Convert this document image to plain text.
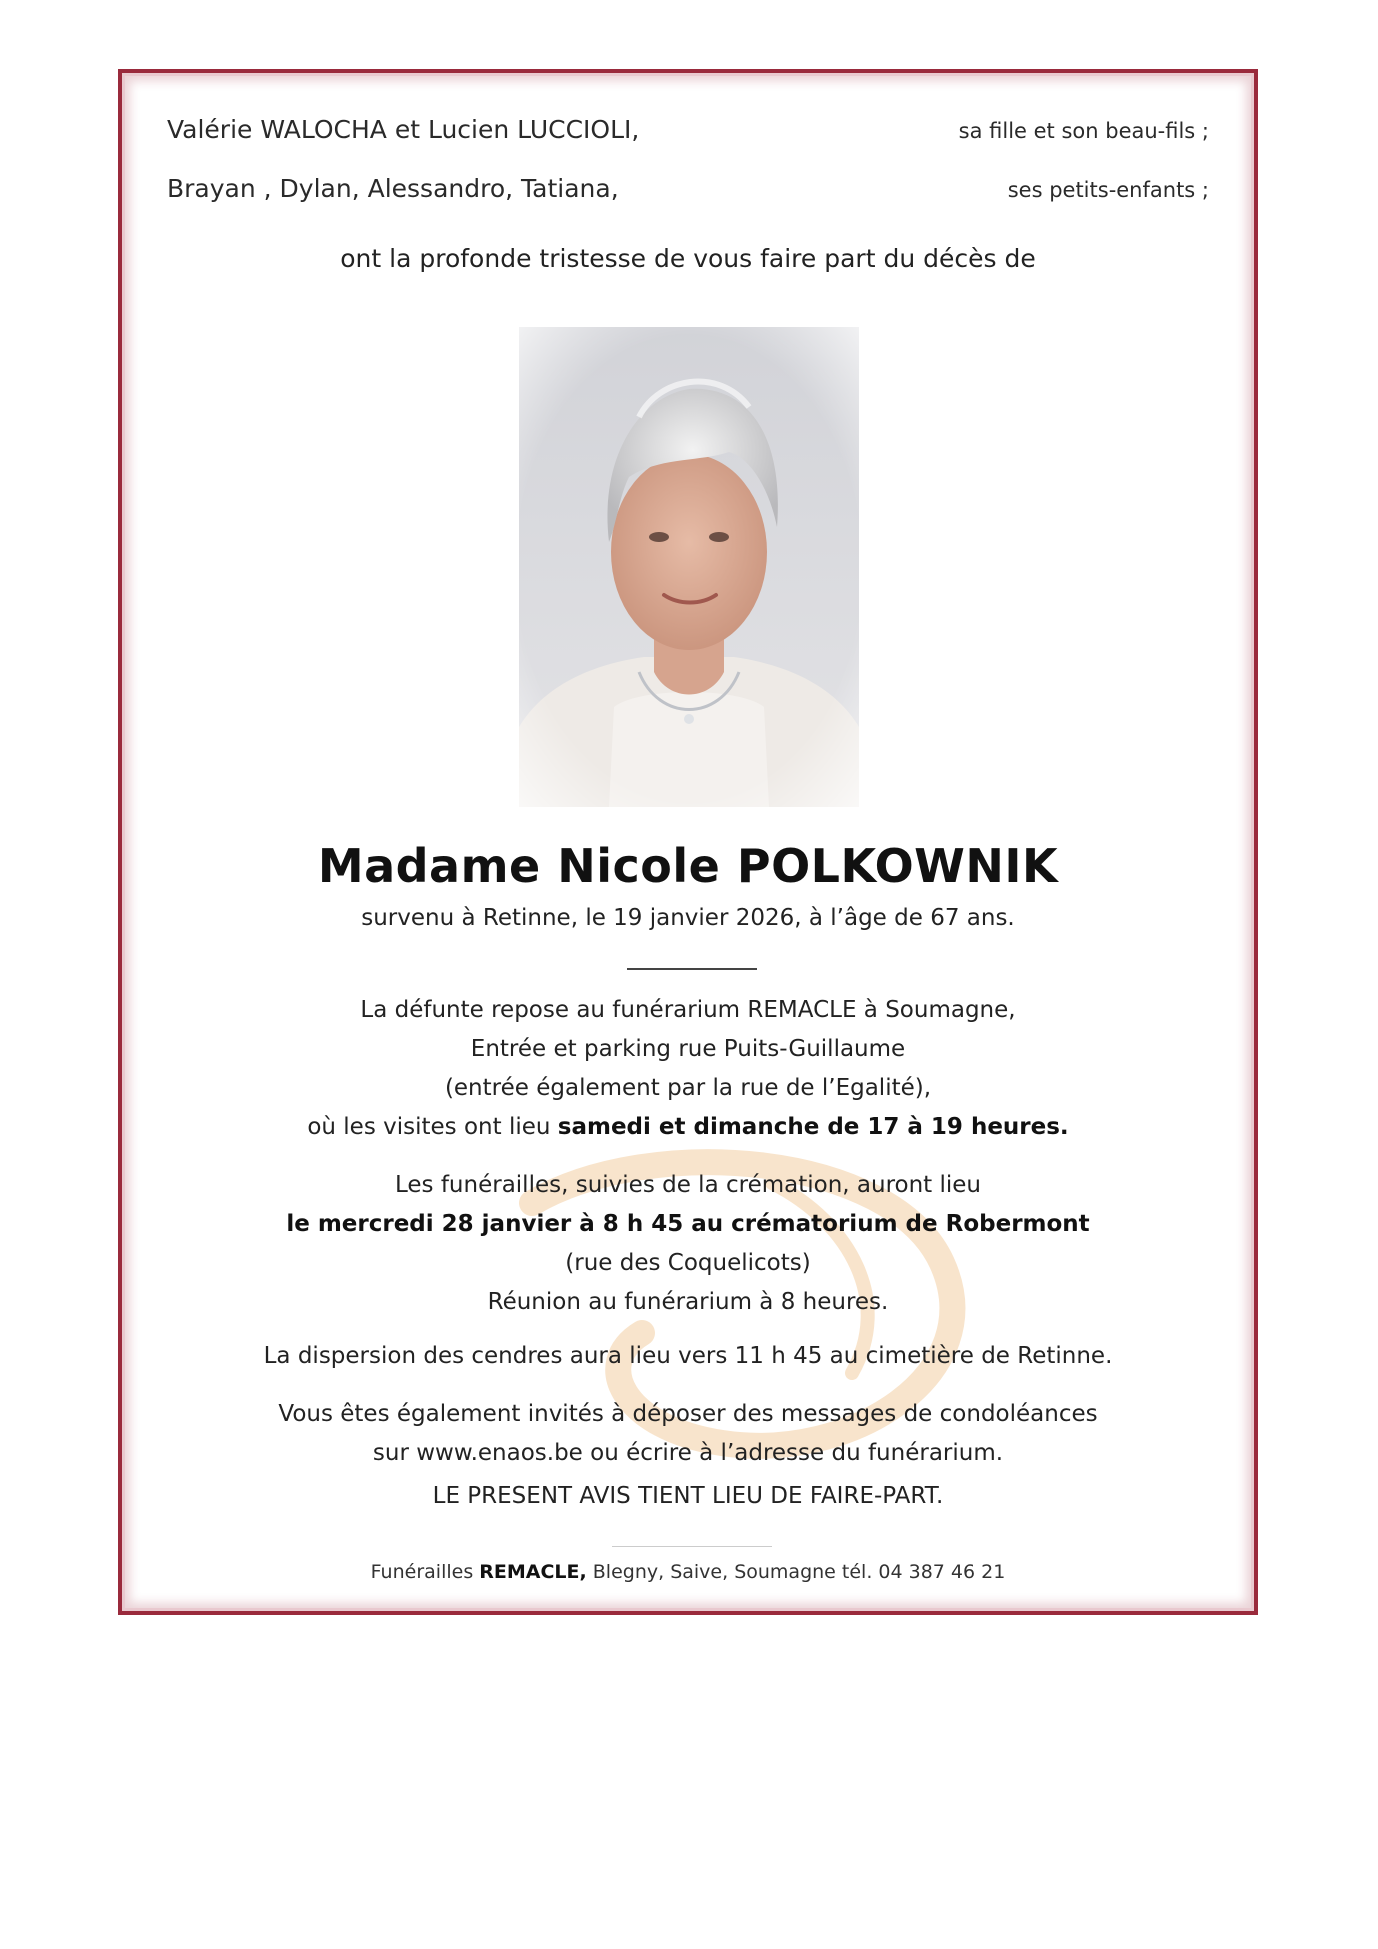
Valérie WALOCHA et Lucien LUCCIOLI,	sa fille et son beau-fils ;
Brayan , Dylan, Alessandro, Tatiana,	ses petits-enfants ;
ont la profonde tristesse de vous faire part du décès de
Madame Nicole POLKOWNIK
survenu à Retinne, le 19 janvier 2026, à l’âge de 67 ans.
La défunte repose au funérarium REMACLE à Soumagne,
Entrée et parking rue Puits-Guillaume
(entrée également par la rue de l’Egalité),
où les visites ont lieu samedi et dimanche de 17 à 19 heures.
Les funérailles, suivies de la crémation, auront lieu
le mercredi 28 janvier à 8 h 45 au crématorium de Robermont
(rue des Coquelicots)
Réunion au funérarium à 8 heures.
La dispersion des cendres aura lieu vers 11 h 45 au cimetière de Retinne.
Vous êtes également invités à déposer des messages de condoléances
sur www.enaos.be ou écrire à l’adresse du funérarium.
LE PRESENT AVIS TIENT LIEU DE FAIRE-PART.
Funérailles REMACLE, Blegny, Saive, Soumagne tél. 04 387 46 21
